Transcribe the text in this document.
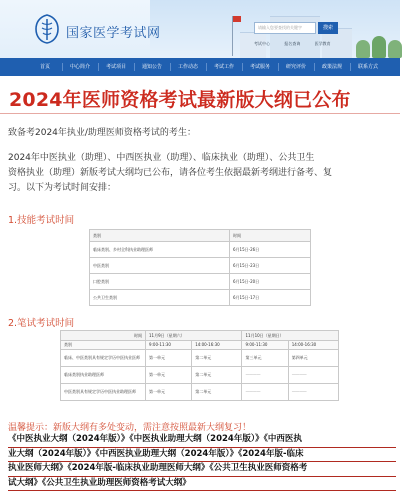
国家医学考试网	请输入您要查找的关键字	搜索
考试中心	报名查询	医学教育
首页	中心简介	考试项目	通知公告	工作动态	考试工作	考试服务	研究评价	政策法规	联系方式
2024年医师资格考试最新版大纲已公布
致备考2024年执业/助理医师资格考试的考生：
2024年中医执业（助理）、中西医执业（助理）、临床执业（助理）、公共卫生
资格执业（助理）新版考试大纲均已公布，请各位考生依据最新考纲进行备考、复
习。以下为考试时间安排：
1.技能考试时间
类别	时间
临床类别、乡村全科执业助理医师	6月15日-26日
中医类别	6月15日-23日
口腔类别	6月15日-20日
公共卫生类别	6月15日-17日
2.笔试考试时间
时间	11月9日（星期六）		11月10日（星期日）	
类别	9:00-11:30	14:00-16:30	9:00-11:30	14:00-16:30
临床、中医类别具有规定学历中医执业医师	第一单元	第二单元	第三单元	第四单元
临床类别执业助理医师	第一单元	第二单元	————	————
中医类别具有规定学历中医执业助理医师	第一单元	第二单元	————	————
温馨提示：新版大纲有多处变动，需注意按照最新大纲复习！
《中医执业大纲（2024年版）》《中医执业助理大纲（2024年版）》《中西医执
业大纲（2024年版）》《中西医执业助理大纲（2024年版）》《2024年版-临床
执业医师大纲》《2024年版-临床执业助理医师大纲》《公共卫生执业医师资格考
试大纲》《公共卫生执业助理医师资格考试大纲》
